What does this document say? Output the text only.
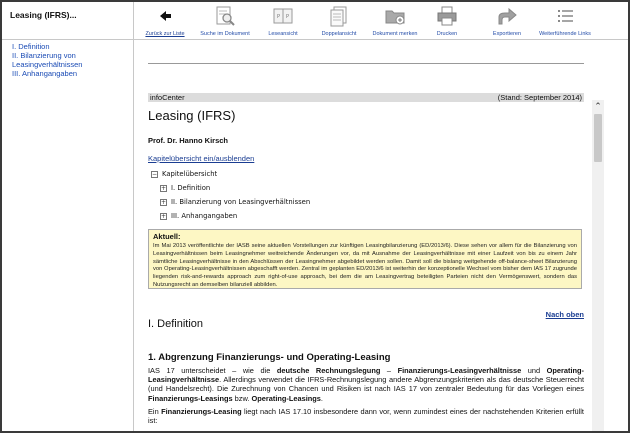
Leasing (IFRS)...
I. Definition
II. Bilanzierung von Leasingverhältnissen
III. Anhangangaben
Zurück zur Liste	Suche im Dokument
P P
Leseansicht	Doppelansicht	Dokument merken	Drucken	Exportieren	Weiterführende Links
infoCenter	(Stand: September 2014)
Leasing (IFRS)
Prof. Dr. Hanno Kirsch
Kapitelübersicht ein/ausblenden
− Kapitelübersicht
+ I. Definition
+ II. Bilanzierung von Leasingverhältnissen
+ III. Anhangangaben
Aktuell:
Im Mai 2013 veröffentlichte der IASB seine aktuellen Vorstellungen zur künftigen Leasingbilanzierung (ED/2013/6). Diese sehen vor allem für die Bilanzierung von Leasingverhältnissen beim Leasingnehmer weitreichende Änderungen vor, da mit Ausnahme der Leasingverhältnisse mit einer Laufzeit von bis zu einem Jahr sämtliche Leasingverhältnisse in den Abschlüssen der Leasingnehmer abgebildet werden sollen. Damit soll die bislang weitgehende off-balance-sheet Bilanzierung von Operating-Leasingverhältnissen abgeschafft werden. Zentral im geplanten ED/2013/6 ist weiterhin der konzeptionelle Wechsel vom bisher dem IAS 17 zugrunde liegenden risk-and-rewards approach zum right-of-use approach, bei dem die am Leasingvertrag beteiligten Parteien nicht den Vermögenswert, sondern das Nutzungsrecht an demselben bilanziell abbilden.
Nach oben
I. Definition
1. Abgrenzung Finanzierungs- und Operating-Leasing
IAS 17 unterscheidet – wie die deutsche Rechnungslegung – Finanzierungs-Leasingverhältnisse und Operating-Leasingverhältnisse. Allerdings verwendet die IFRS-Rechnungslegung andere Abgrenzungskriterien als das deutsche Steuerrecht (und Handelsrecht). Die Zurechnung von Chancen und Risiken ist nach IAS 17 von zentraler Bedeutung für das Vorliegen eines Finanzierungs-Leasings bzw. Operating-Leasings.
Ein Finanzierungs-Leasing liegt nach IAS 17.10 insbesondere dann vor, wenn zumindest eines der nachstehenden Kriterien erfüllt ist:
⌃
